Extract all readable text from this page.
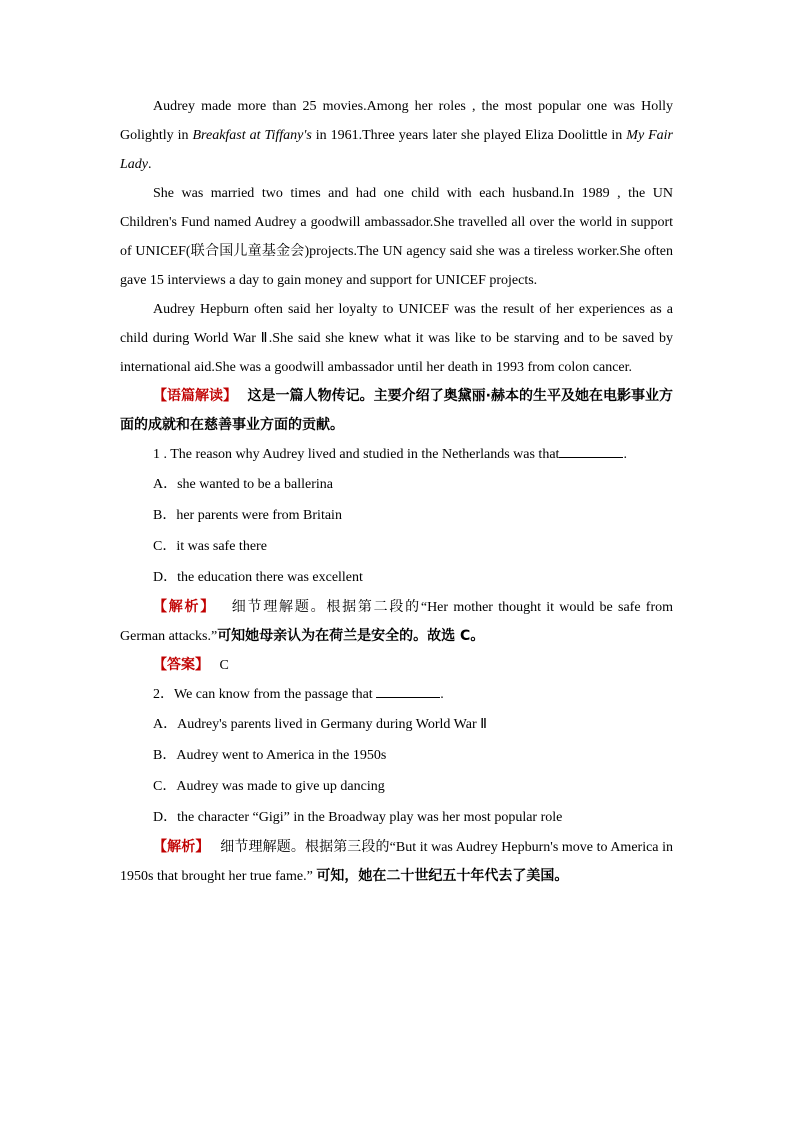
Audrey made more than 25 movies.Among her roles , the most popular one was Holly Golightly in Breakfast at Tiffany's in 1961.Three years later she played Eliza Doolittle in My Fair Lady.

She was married two times and had one child with each husband.In 1989 , the UN Children's Fund named Audrey a goodwill ambassador.She travelled all over the world in support of UNICEF(联合国儿童基金会)projects.The UN agency said she was a tireless worker.She often gave 15 interviews a day to gain money and support for UNICEF projects.

Audrey Hepburn often said her loyalty to UNICEF was the result of her experiences as a child during World War Ⅱ.She said she knew what it was like to be starving and to be saved by international aid.She was a goodwill ambassador until her death in 1993 from colon cancer.

【语篇解读】 这是一篇人物传记。主要介绍了奥黛丽·赫本的生平及她在电影事业方面的成就和在慈善事业方面的贡献。

1 . The reason why Audrey lived and studied in the Netherlands was that	.

A．she wanted to be a ballerina

B．her parents were from Britain

C．it was safe there

D．the education there was excellent

【解析】 细节理解题。根据第二段的“Her mother thought it would be safe from German attacks.”可知她母亲认为在荷兰是安全的。故选 C。

【答案】 C

2．We can know from the passage that	.

A．Audrey's parents lived in Germany during World War Ⅱ

B．Audrey went to America in the 1950s

C．Audrey was made to give up dancing

D．the character “Gigi” in the Broadway play was her most popular role

【解析】 细节理解题。根据第三段的“But it was Audrey Hepburn's move to America in 1950s that brought her true fame.” 可知，她在二十世纪五十年代去了美国。
